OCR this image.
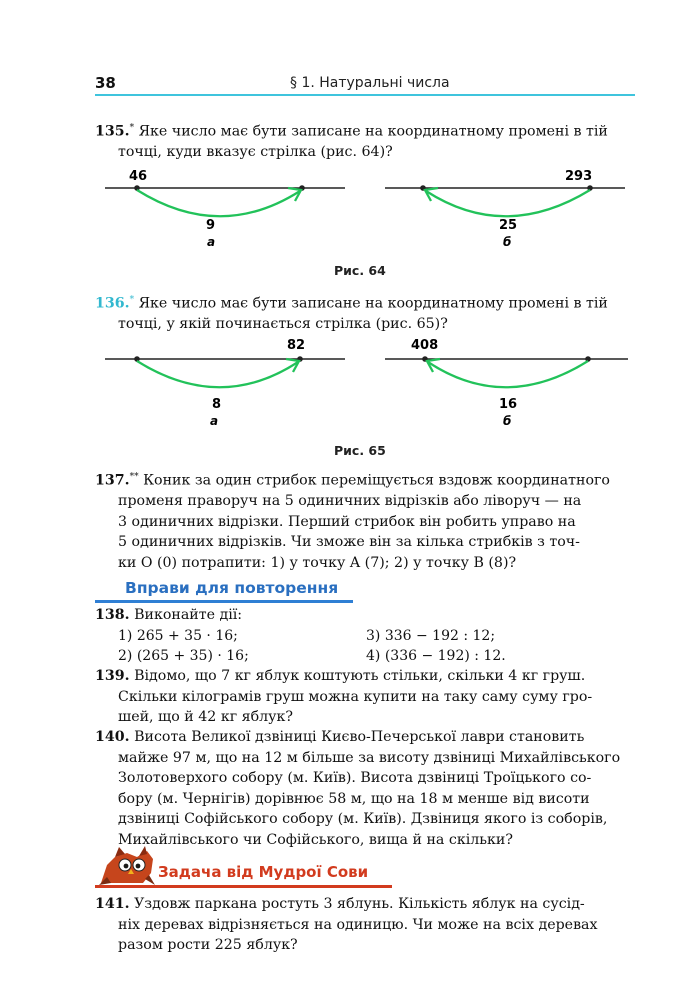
38	§ 1. Натуральні числа
135.* Яке число має бути записане на координатному промені в тій
точці, куди вказує стрілка (рис. 64)?
46
9
а
293
25
б
Рис. 64
136.* Яке число має бути записане на координатному промені в тій
точці, у якій починається стрілка (рис. 65)?
82
8
а
408
16
б
Рис. 65
137.** Коник за один стрибок переміщується вздовж координатного
променя праворуч на 5 одиничних відрізків або ліворуч — на
3 одиничних відрізки. Перший стрибок він робить управо на
5 одиничних відрізків. Чи зможе він за кілька стрибків з точ-
ки O (0) потрапити: 1) у точку A (7); 2) у точку B (8)?
Вправи для повторення
138. Виконайте дії:
1) 265 + 35 · 16;	3) 336 − 192 : 12;
2) (265 + 35) · 16;	4) (336 − 192) : 12.
139. Відомо, що 7 кг яблук коштують стільки, скільки 4 кг груш.
Скільки кілограмів груш можна купити на таку саму суму гро-
шей, що й 42 кг яблук?
140. Висота Великої дзвіниці Києво-Печерської лаври становить
майже 97 м, що на 12 м більше за висоту дзвіниці Михайлівського
Золотоверхого собору (м. Київ). Висота дзвіниці Троїцького со-
бору (м. Чернігів) дорівнює 58 м, що на 18 м менше від висоти
дзвіниці Софійського собору (м. Київ). Дзвіниця якого із соборів,
Михайлівського чи Софійського, вища й на скільки?
Задача від Мудрої Сови
141. Уздовж паркана ростуть 3 яблунь. Кількість яблук на сусід-
ніх деревах відрізняється на одиницю. Чи може на всіх деревах
разом рости 225 яблук?
